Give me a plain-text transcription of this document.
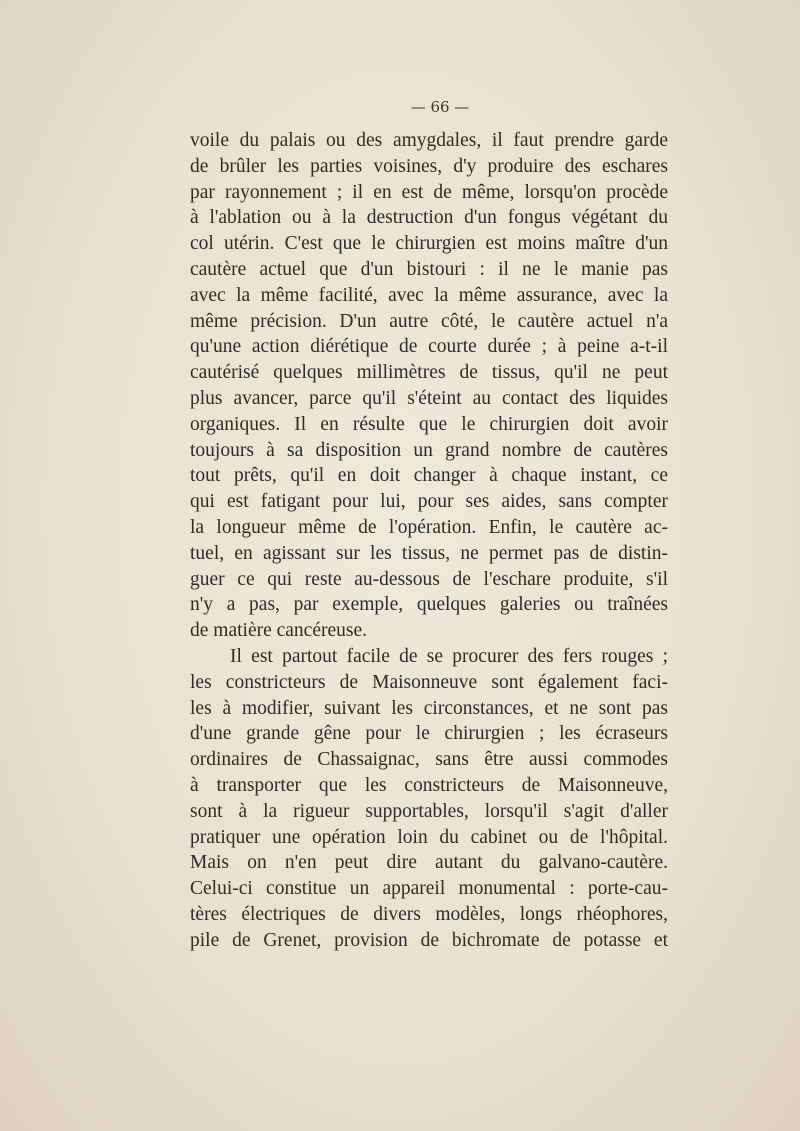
— 66 —
voile du palais ou des amygdales, il faut prendre garde
de brûler les parties voisines, d'y produire des eschares
par rayonnement ; il en est de même, lorsqu'on procède
à l'ablation ou à la destruction d'un fongus végétant du
col utérin. C'est que le chirurgien est moins maître d'un
cautère actuel que d'un bistouri : il ne le manie pas
avec la même facilité, avec la même assurance, avec la
même précision. D'un autre côté, le cautère actuel n'a
qu'une action diérétique de courte durée ; à peine a-t-il
cautérisé quelques millimètres de tissus, qu'il ne peut
plus avancer, parce qu'il s'éteint au contact des liquides
organiques. Il en résulte que le chirurgien doit avoir
toujours à sa disposition un grand nombre de cautères
tout prêts, qu'il en doit changer à chaque instant, ce
qui est fatigant pour lui, pour ses aides, sans compter
la longueur même de l'opération. Enfin, le cautère ac-
tuel, en agissant sur les tissus, ne permet pas de distin-
guer ce qui reste au-dessous de l'eschare produite, s'il
n'y a pas, par exemple, quelques galeries ou traînées
de matière cancéreuse.
Il est partout facile de se procurer des fers rouges ;
les constricteurs de Maisonneuve sont également faci-
les à modifier, suivant les circonstances, et ne sont pas
d'une grande gêne pour le chirurgien ; les écraseurs
ordinaires de Chassaignac, sans être aussi commodes
à transporter que les constricteurs de Maisonneuve,
sont à la rigueur supportables, lorsqu'il s'agit d'aller
pratiquer une opération loin du cabinet ou de l'hôpital.
Mais on n'en peut dire autant du galvano-cautère.
Celui-ci constitue un appareil monumental : porte-cau-
tères électriques de divers modèles, longs rhéophores,
pile de Grenet, provision de bichromate de potasse et
